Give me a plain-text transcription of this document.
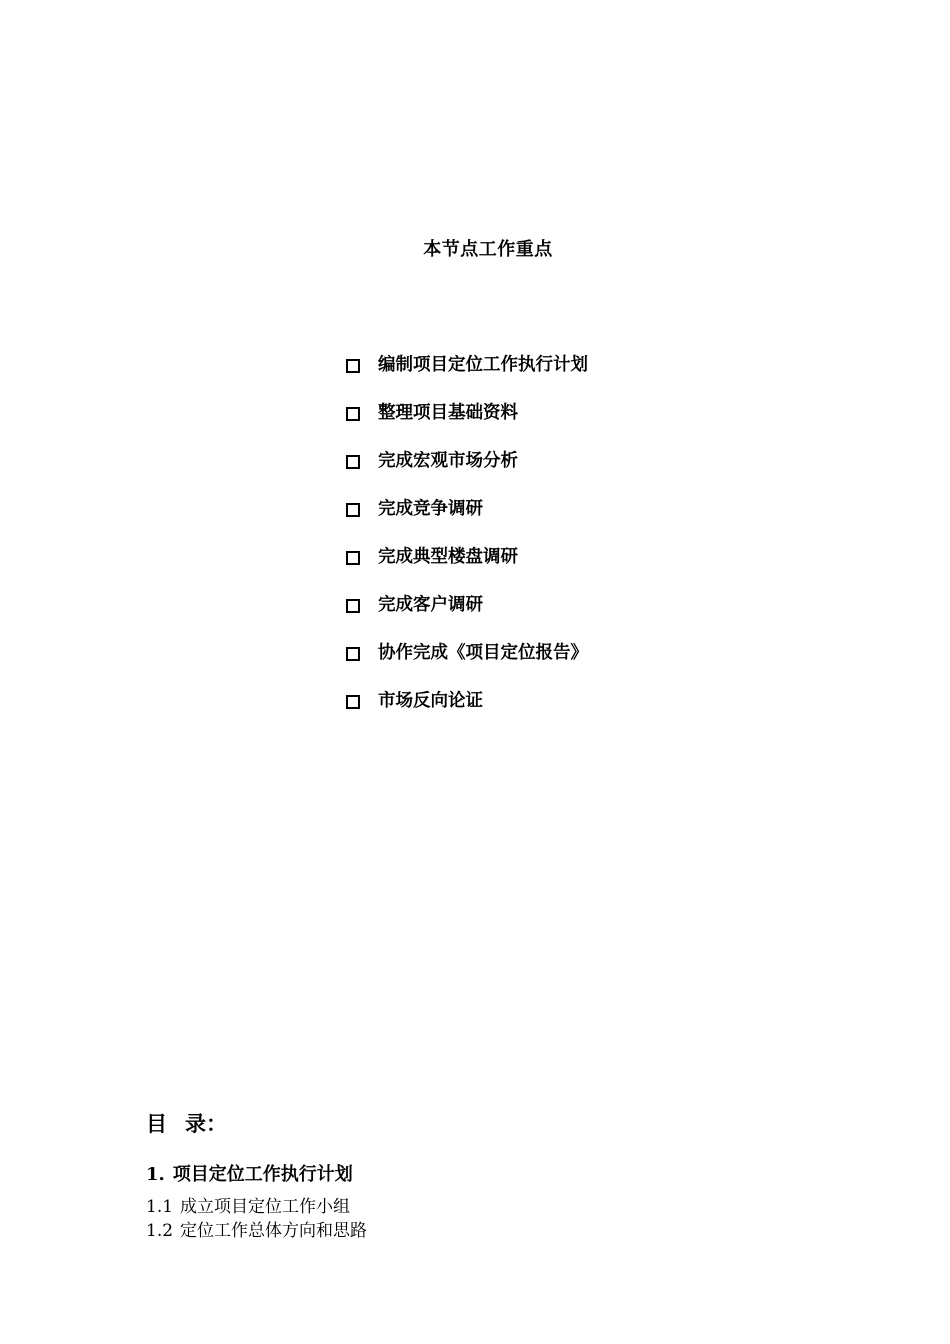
本节点工作重点
编制项目定位工作执行计划
整理项目基础资料
完成宏观市场分析
完成竞争调研
完成典型楼盘调研
完成客户调研
协作完成《项目定位报告》
市场反向论证
目 录：
1. 项目定位工作执行计划
1.1 成立项目定位工作小组
1.2 定位工作总体方向和思路
